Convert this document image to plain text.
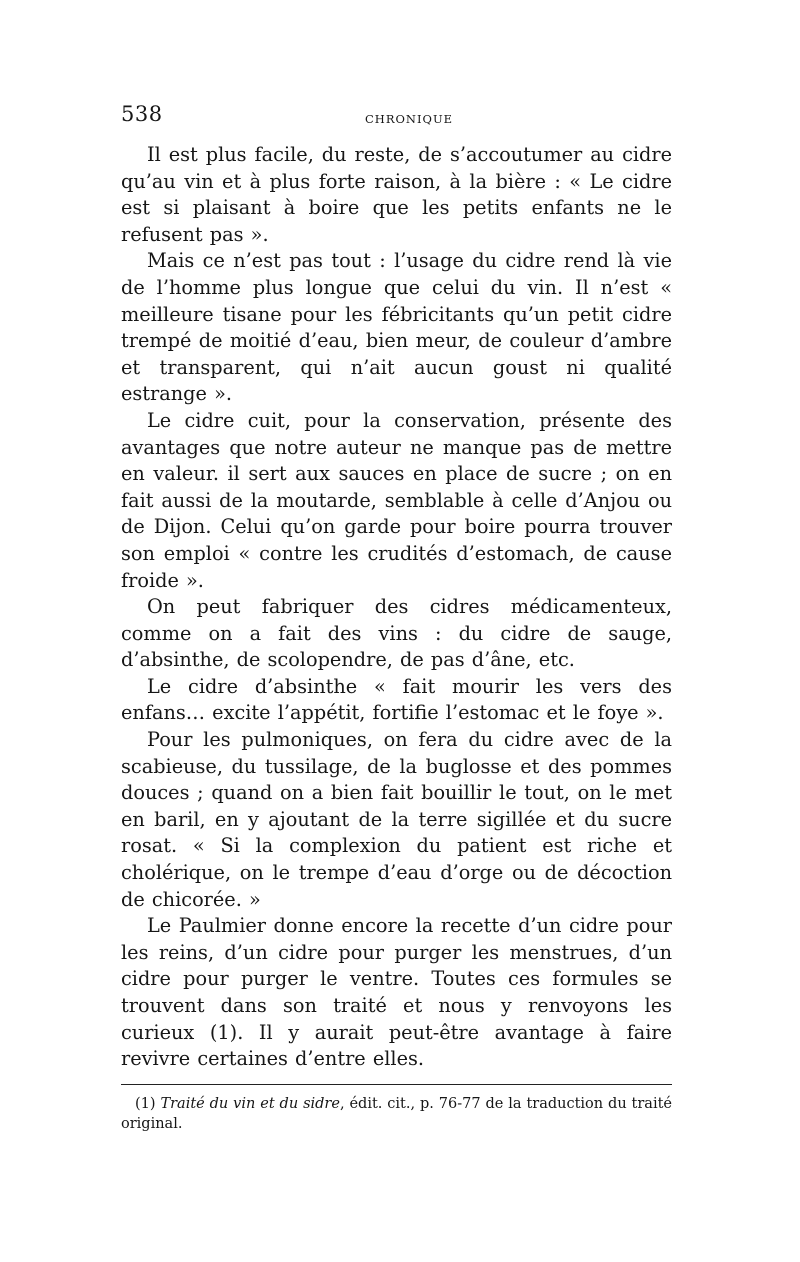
538	CHRONIQUE

Il est plus facile, du reste, de s’accoutumer au cidre qu’au vin et à plus forte raison, à la bière : « Le cidre est si plaisant à boire que les petits enfants ne le refusent pas ».

Mais ce n’est pas tout : l’usage du cidre rend là vie de l’homme plus longue que celui du vin. Il n’est « meilleure tisane pour les fébricitants qu’un petit cidre trempé de moitié d’eau, bien meur, de couleur d’ambre et transparent, qui n’ait aucun goust ni qualité estrange ».

Le cidre cuit, pour la conservation, présente des avantages que notre auteur ne manque pas de mettre en valeur. il sert aux sauces en place de sucre ; on en fait aussi de la moutarde, semblable à celle d’Anjou ou de Dijon. Celui qu’on garde pour boire pourra trouver son emploi « contre les crudités d’estomach, de cause froide ».

On peut fabriquer des cidres médicamenteux, comme on a fait des vins : du cidre de sauge, d’absinthe, de scolopendre, de pas d’âne, etc.

Le cidre d’absinthe « fait mourir les vers des enfans… excite l’appétit, fortifie l’estomac et le foye ».

Pour les pulmoniques, on fera du cidre avec de la scabieuse, du tussilage, de la buglosse et des pommes douces ; quand on a bien fait bouillir le tout, on le met en baril, en y ajoutant de la terre sigillée et du sucre rosat. « Si la complexion du patient est riche et cholérique, on le trempe d’eau d’orge ou de décoction de chicorée. »

Le Paulmier donne encore la recette d’un cidre pour les reins, d’un cidre pour purger les menstrues, d’un cidre pour purger le ventre. Toutes ces formules se trouvent dans son traité et nous y renvoyons les curieux (1). Il y aurait peut-être avantage à faire revivre certaines d’entre elles.

(1) Traité du vin et du sidre, édit. cit., p. 76-77 de la traduction du traité original.
